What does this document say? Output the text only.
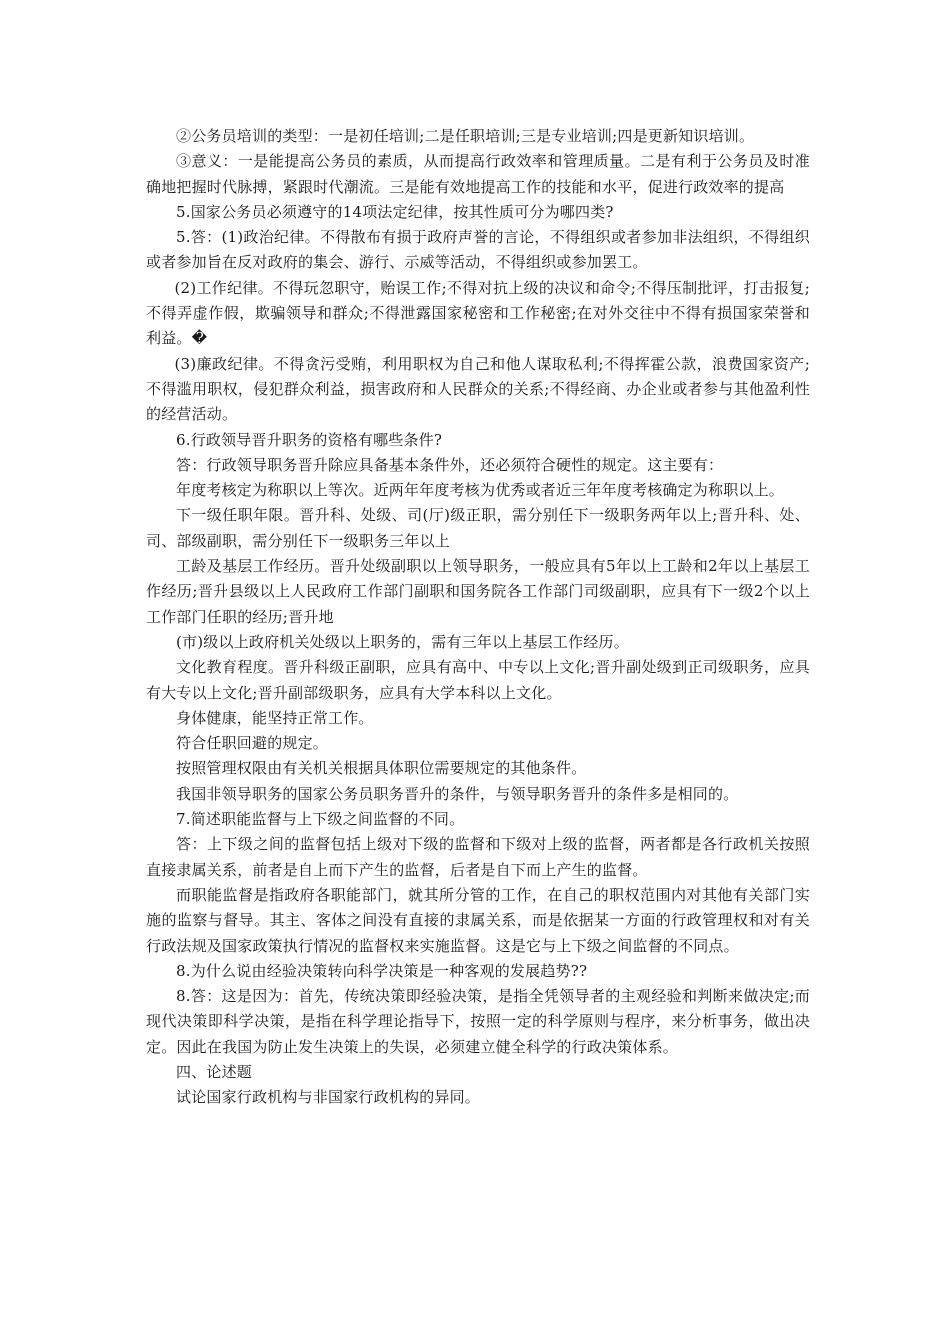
②公务员培训的类型：一是初任培训;二是任职培训;三是专业培训;四是更新知识培训。

③意义：一是能提高公务员的素质，从而提高行政效率和管理质量。二是有利于公务员及时准确地把握时代脉搏，紧跟时代潮流。三是能有效地提高工作的技能和水平，促进行政效率的提高

5.国家公务员必须遵守的14项法定纪律，按其性质可分为哪四类?

5.答：(1)政治纪律。不得散布有损于政府声誉的言论，不得组织或者参加非法组织，不得组织或者参加旨在反对政府的集会、游行、示威等活动，不得组织或参加罢工。

(2)工作纪律。不得玩忽职守，贻误工作;不得对抗上级的决议和命令;不得压制批评，打击报复;不得弄虚作假，欺骗领导和群众;不得泄露国家秘密和工作秘密;在对外交往中不得有损国家荣誉和利益。�

(3)廉政纪律。不得贪污受贿，利用职权为自己和他人谋取私利;不得挥霍公款，浪费国家资产;不得滥用职权，侵犯群众利益，损害政府和人民群众的关系;不得经商、办企业或者参与其他盈利性的经营活动。

6.行政领导晋升职务的资格有哪些条件?

答：行政领导职务晋升除应具备基本条件外，还必须符合硬性的规定。这主要有：

年度考核定为称职以上等次。近两年年度考核为优秀或者近三年年度考核确定为称职以上。

下一级任职年限。晋升科、处级、司(厅)级正职，需分别任下一级职务两年以上;晋升科、处、司、部级副职，需分别任下一级职务三年以上

工龄及基层工作经历。晋升处级副职以上领导职务，一般应具有5年以上工龄和2年以上基层工作经历;晋升县级以上人民政府工作部门副职和国务院各工作部门司级副职，应具有下一级2个以上工作部门任职的经历;晋升地

(市)级以上政府机关处级以上职务的，需有三年以上基层工作经历。

文化教育程度。晋升科级正副职，应具有高中、中专以上文化;晋升副处级到正司级职务，应具有大专以上文化;晋升副部级职务，应具有大学本科以上文化。

身体健康，能坚持正常工作。

符合任职回避的规定。

按照管理权限由有关机关根据具体职位需要规定的其他条件。

我国非领导职务的国家公务员职务晋升的条件，与领导职务晋升的条件多是相同的。

7.简述职能监督与上下级之间监督的不同。

答：上下级之间的监督包括上级对下级的监督和下级对上级的监督，两者都是各行政机关按照直接隶属关系，前者是自上而下产生的监督，后者是自下而上产生的监督。

而职能监督是指政府各职能部门，就其所分管的工作，在自己的职权范围内对其他有关部门实施的监察与督导。其主、客体之间没有直接的隶属关系，而是依据某一方面的行政管理权和对有关行政法规及国家政策执行情况的监督权来实施监督。这是它与上下级之间监督的不同点。

8.为什么说由经验决策转向科学决策是一种客观的发展趋势??

8.答：这是因为：首先，传统决策即经验决策，是指全凭领导者的主观经验和判断来做决定;而现代决策即科学决策，是指在科学理论指导下，按照一定的科学原则与程序，来分析事务，做出决定。因此在我国为防止发生决策上的失误，必须建立健全科学的行政决策体系。

四、论述题

试论国家行政机构与非国家行政机构的异同。
